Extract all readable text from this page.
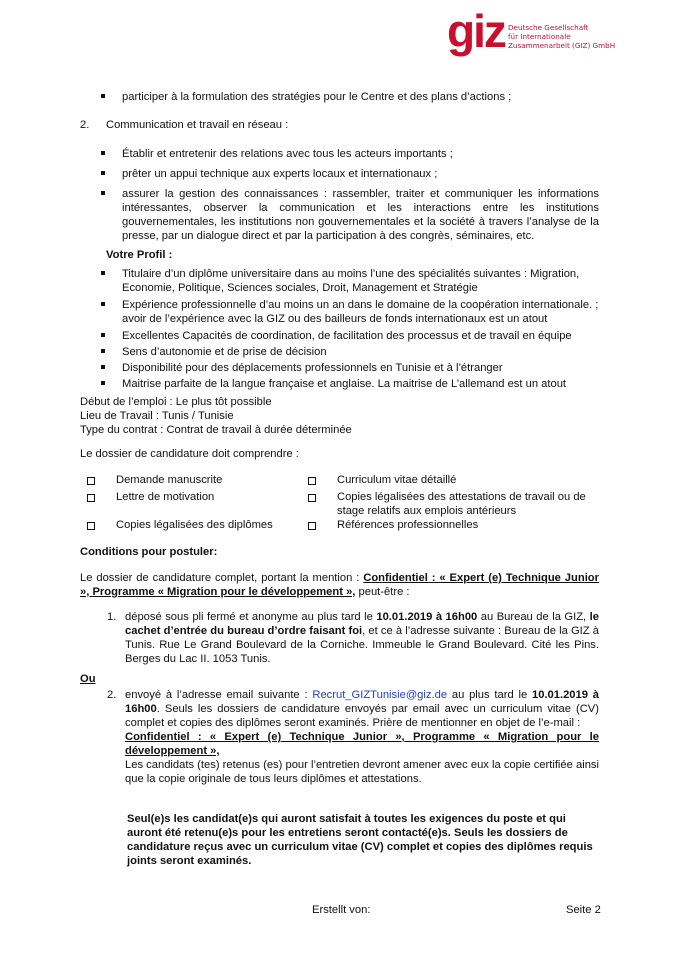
giz Deutsche Gesellschaft
für Internationale
Zusammenarbeit (GIZ) GmbH
participer à la formulation des stratégies pour le Centre et des plans d’actions ;
2. Communication et travail en réseau :
Établir et entretenir des relations avec tous les acteurs importants ;
prêter un appui technique aux experts locaux et internationaux ;
assurer la gestion des connaissances : rassembler, traiter et communiquer les informations intéressantes, observer la communication et les interactions entre les institutions gouvernementales, les institutions non gouvernementales et la société à travers l’analyse de la presse, par un dialogue direct et par la participation à des congrès, séminaires, etc.
Votre Profil :
Titulaire d’un diplôme universitaire dans au moins l’une des spécialités suivantes : Migration, Economie, Politique, Sciences sociales, Droit, Management et Stratégie
Expérience professionnelle d’au moins un an dans le domaine de la coopération internationale. ; avoir de l’expérience avec la GIZ ou des bailleurs de fonds internationaux est un atout
Excellentes Capacités de coordination, de facilitation des processus et de travail en équipe
Sens d’autonomie et de prise de décision
Disponibilité pour des déplacements professionnels en Tunisie et à l’étranger
Maitrise parfaite de la langue française et anglaise. La maitrise de L’allemand est un atout
Début de l’emploi : Le plus tôt possible
Lieu de Travail : Tunis / Tunisie
Type du contrat : Contrat de travail à durée déterminée
Le dossier de candidature doit comprendre :
Demande manuscrite	Curriculum vitae détaillé
Lettre de motivation	Copies légalisées des attestations de travail ou de stage relatifs aux emplois antérieurs
Copies légalisées des diplômes	Références professionnelles
Conditions pour postuler:
Le dossier de candidature complet, portant la mention : Confidentiel : « Expert (e) Technique Junior », Programme « Migration pour le développement », peut-être :
1. déposé sous pli fermé et anonyme au plus tard le 10.01.2019 à 16h00 au Bureau de la GIZ, le cachet d’entrée du bureau d’ordre faisant foi, et ce à l’adresse suivante : Bureau de la GIZ à Tunis. Rue Le Grand Boulevard de la Corniche. Immeuble le Grand Boulevard. Cité les Pins. Berges du Lac II. 1053 Tunis.
Ou
2. envoyé à l’adresse email suivante : Recrut_GIZTunisie@giz.de au plus tard le 10.01.2019 à 16h00. Seuls les dossiers de candidature envoyés par email avec un curriculum vitae (CV) complet et copies des diplômes seront examinés. Prière de mentionner en objet de l’e-mail :
Confidentiel : « Expert (e) Technique Junior », Programme « Migration pour le développement »,
Les candidats (tes) retenus (es) pour l’entretien devront amener avec eux la copie certifiée ainsi que la copie originale de tous leurs diplômes et attestations.
Seul(e)s les candidat(e)s qui auront satisfait à toutes les exigences du poste et qui auront été retenu(e)s pour les entretiens seront contacté(e)s. Seuls les dossiers de candidature reçus avec un curriculum vitae (CV) complet et copies des diplômes requis joints seront examinés.
Erstellt von:	Seite 2
